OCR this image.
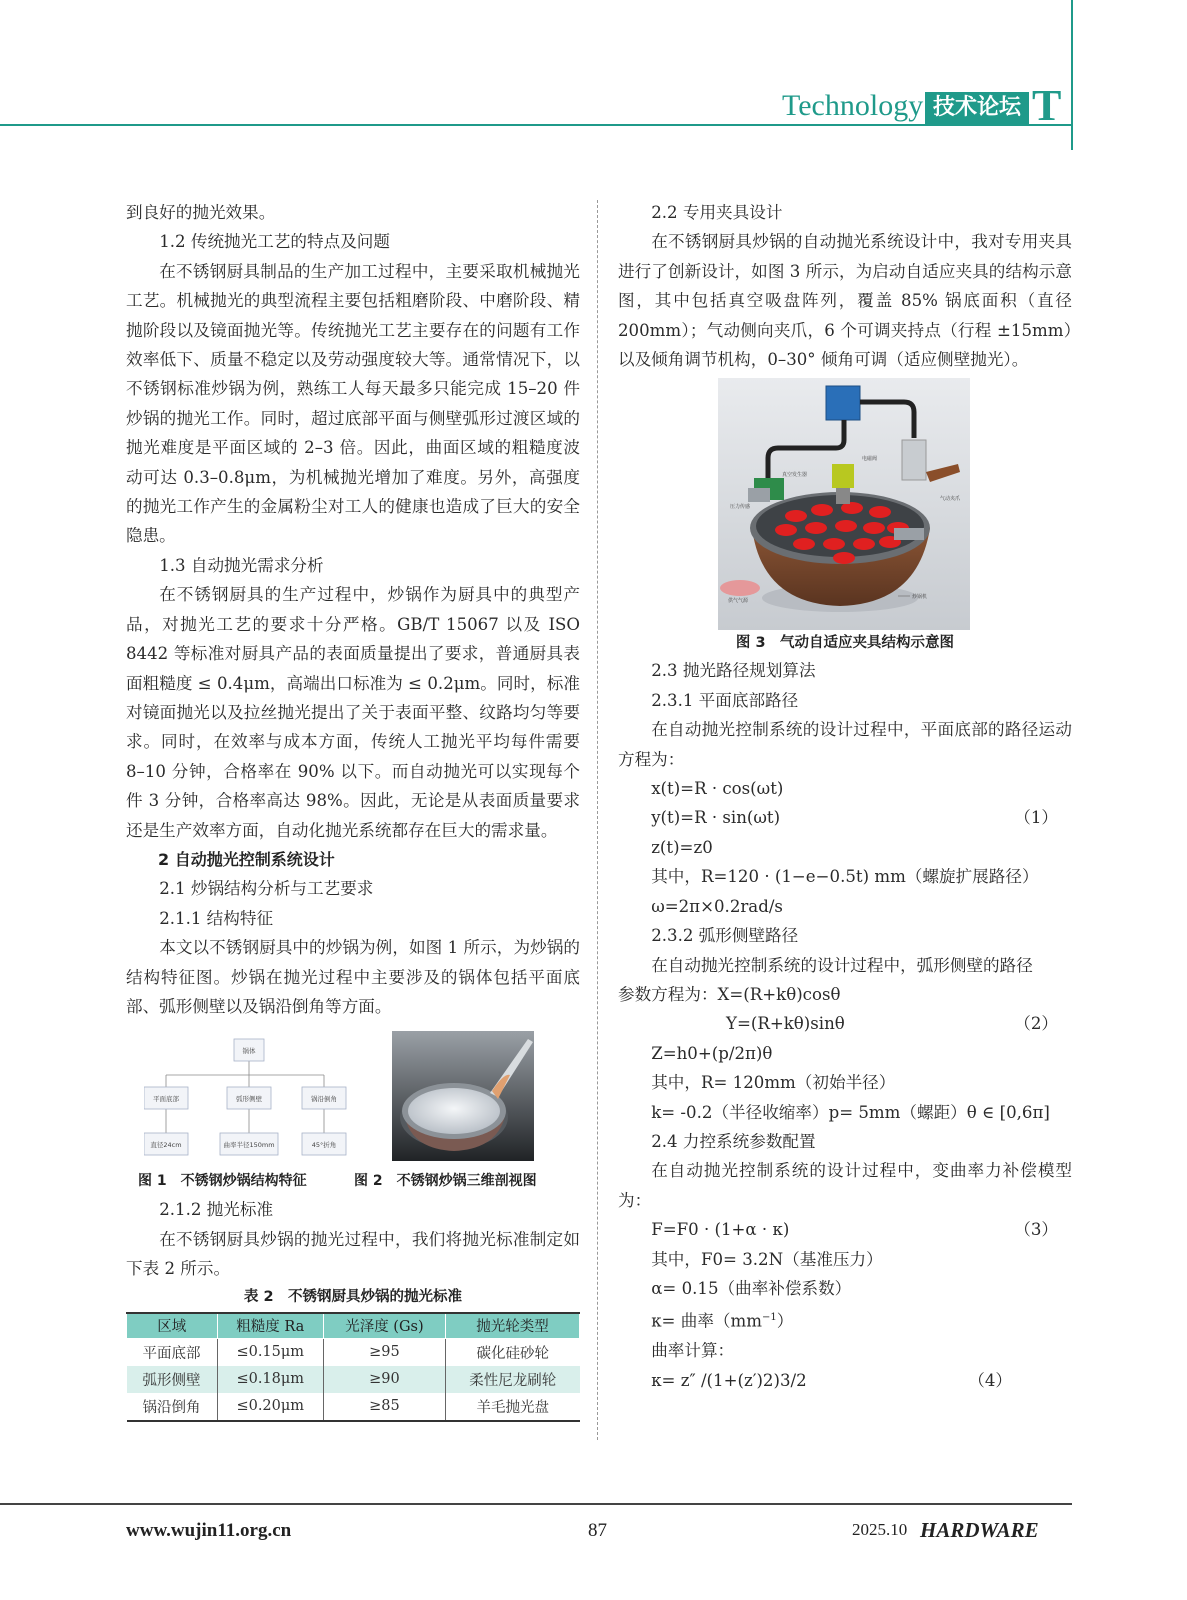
Technology 技术论坛 T

到良好的抛光效果。

1.2 传统抛光工艺的特点及问题

在不锈钢厨具制品的生产加工过程中，主要采取机械抛光工艺。机械抛光的典型流程主要包括粗磨阶段、中磨阶段、精抛阶段以及镜面抛光等。传统抛光工艺主要存在的问题有工作效率低下、质量不稳定以及劳动强度较大等。通常情况下，以不锈钢标准炒锅为例，熟练工人每天最多只能完成 15–20 件炒锅的抛光工作。同时，超过底部平面与侧壁弧形过渡区域的抛光难度是平面区域的 2–3 倍。因此，曲面区域的粗糙度波动可达 0.3–0.8μm，为机械抛光增加了难度。另外，高强度的抛光工作产生的金属粉尘对工人的健康也造成了巨大的安全隐患。

1.3 自动抛光需求分析

在不锈钢厨具的生产过程中，炒锅作为厨具中的典型产品，对抛光工艺的要求十分严格。GB/T 15067 以及 ISO 8442 等标准对厨具产品的表面质量提出了要求，普通厨具表面粗糙度 ≤ 0.4μm，高端出口标准为 ≤ 0.2μm。同时，标准对镜面抛光以及拉丝抛光提出了关于表面平整、纹路均匀等要求。同时，在效率与成本方面，传统人工抛光平均每件需要 8–10 分钟，合格率在 90% 以下。而自动抛光可以实现每个件 3 分钟，合格率高达 98%。因此，无论是从表面质量要求还是生产效率方面，自动化抛光系统都存在巨大的需求量。

2 自动抛光控制系统设计

2.1 炒锅结构分析与工艺要求

2.1.1 结构特征

本文以不锈钢厨具中的炒锅为例，如图 1 所示，为炒锅的结构特征图。炒锅在抛光过程中主要涉及的锅体包括平面底部、弧形侧壁以及锅沿倒角等方面。

锅体
平面底部	弧形侧壁	锅沿倒角
直径24cm	曲率半径150mm	45°折角
图 1　不锈钢炒锅结构特征	图 2　不锈钢炒锅三维剖视图

2.1.2 抛光标准

在不锈钢厨具炒锅的抛光过程中，我们将抛光标准制定如下表 2 所示。

表 2　不锈钢厨具炒锅的抛光标准
区域	粗糙度 Ra	光泽度 (Gs)	抛光轮类型
平面底部	≤0.15μm	≥95	碳化硅砂轮
弧形侧壁	≤0.18μm	≥90	柔性尼龙刷轮
锅沿倒角	≤0.20μm	≥85	羊毛抛光盘

2.2 专用夹具设计

在不锈钢厨具炒锅的自动抛光系统设计中，我对专用夹具进行了创新设计，如图 3 所示，为启动自适应夹具的结构示意图，其中包括真空吸盘阵列，覆盖 85% 锅底面积（直径 200mm）；气动侧向夹爪，6 个可调夹持点（行程 ±15mm）以及倾角调节机构，0–30° 倾角可调（适应侧壁抛光）。

真空发生器
电磁阀
压力传感
气动夹爪
供气气源
炒锅机
图 3　气动自适应夹具结构示意图

2.3 抛光路径规划算法

2.3.1 平面底部路径

在自动抛光控制系统的设计过程中，平面底部的路径运动方程为：

x(t)=R · cos(ωt)

y(t)=R · sin(ωt)	（1）

z(t)=z0

其中，R=120 · (1−e−0.5t) mm（螺旋扩展路径）

ω=2π×0.2rad/s

2.3.2 弧形侧壁路径

在自动抛光控制系统的设计过程中，弧形侧壁的路径

参数方程为：X=(R+kθ)cosθ

Y=(R+kθ)sinθ	（2）

Z=h0+(p/2π)θ

其中，R= 120mm（初始半径）

k= -0.2（半径收缩率）p= 5mm（螺距）θ ∈ [0,6π]

2.4 力控系统参数配置

在自动抛光控制系统的设计过程中，变曲率力补偿模型为：

F=F0 · (1+α · κ)	（3）

其中，F0= 3.2N（基准压力）

α= 0.15（曲率补偿系数）

κ= 曲率$(mm^{-1})$

曲率计算：

κ= z″ /(1+(z′)2)3/2	（4）

www.wujin11.org.cn	87	2025.10 HARDWARE
